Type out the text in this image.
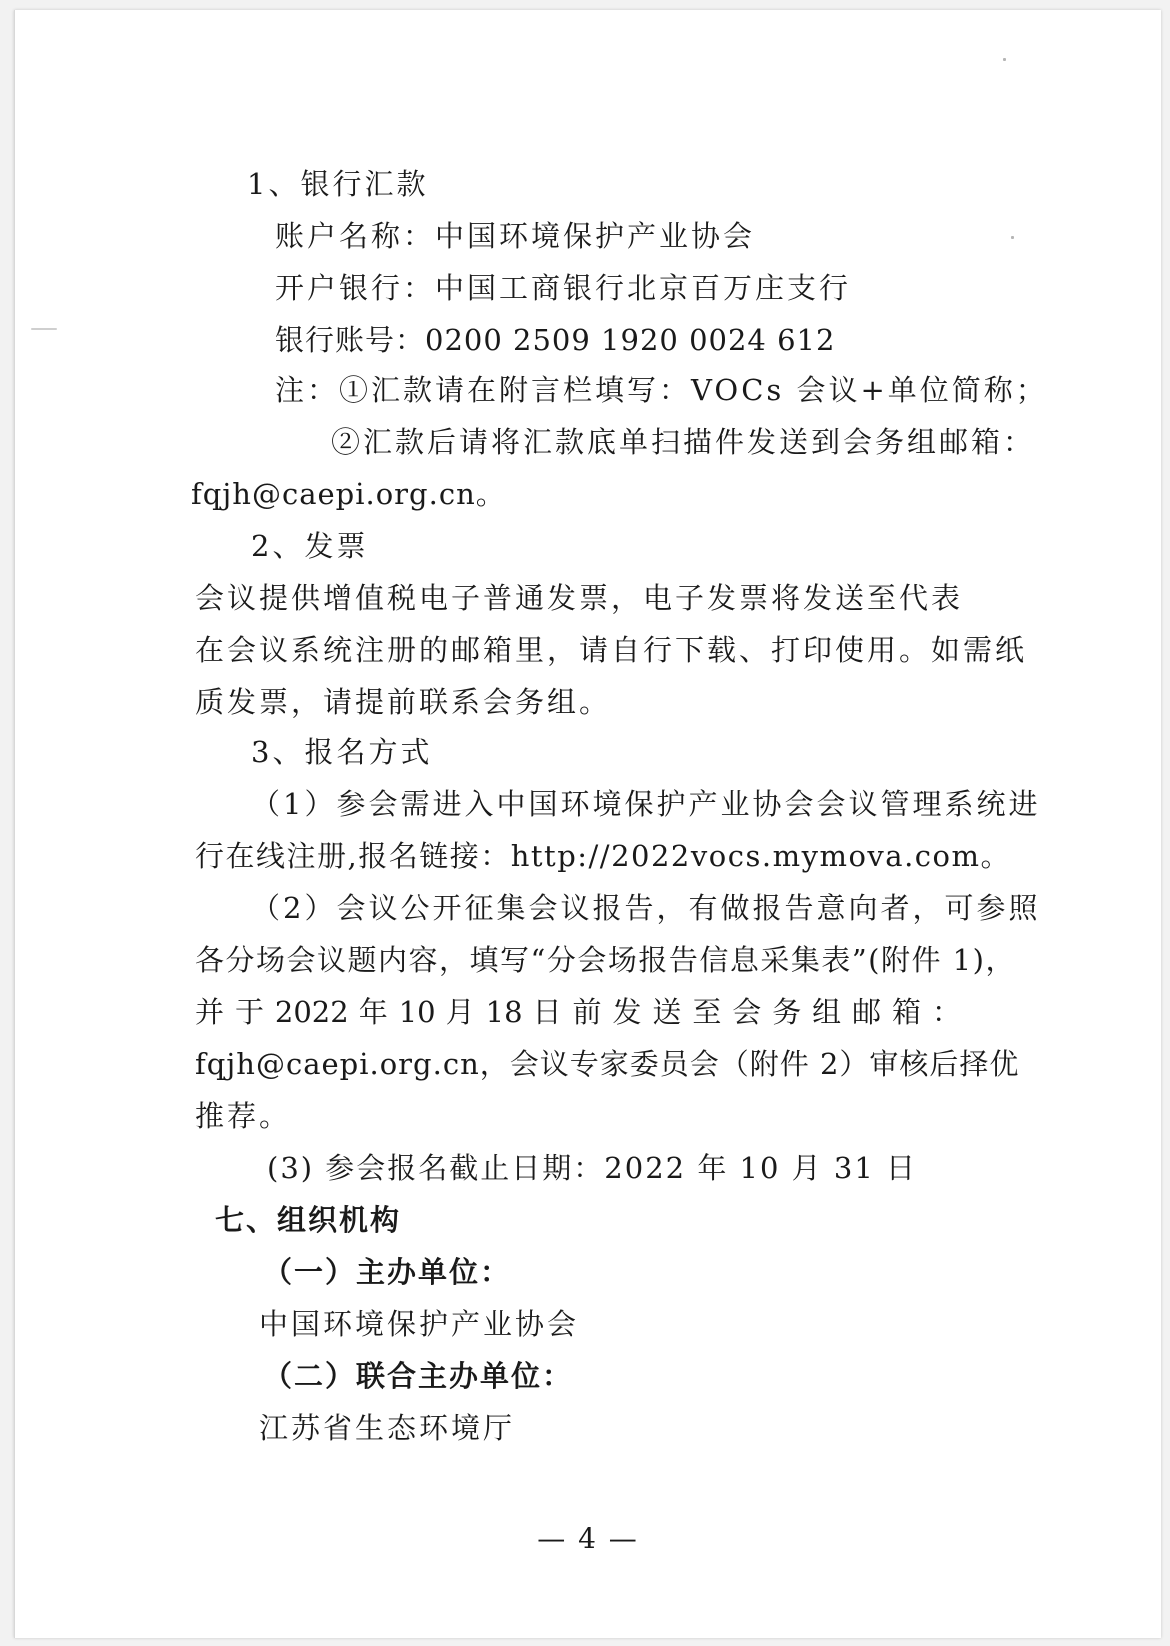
1、银行汇款
账户名称：中国环境保护产业协会
开户银行：中国工商银行北京百万庄支行
银行账号：0200 2509 1920 0024 612
注：①汇款请在附言栏填写：VOCs 会议+单位简称；
②汇款后请将汇款底单扫描件发送到会务组邮箱：
fqjh@caepi.org.cn。
2、发票
会议提供增值税电子普通发票，电子发票将发送至代表
在会议系统注册的邮箱里，请自行下载、打印使用。如需纸
质发票，请提前联系会务组。
3、报名方式
（1）参会需进入中国环境保护产业协会会议管理系统进
行在线注册,报名链接：http://2022vocs.mymova.com。
（2）会议公开征集会议报告，有做报告意向者，可参照
各分场会议题内容，填写“分会场报告信息采集表”(附件 1)，
并 于 2022 年 10 月 18 日 前 发 送 至 会 务 组 邮 箱 ：
fqjh@caepi.org.cn，会议专家委员会（附件 2）审核后择优
推荐。
(3) 参会报名截止日期：2022 年 10 月 31 日
七、组织机构
（一）主办单位：
中国环境保护产业协会
（二）联合主办单位：
江苏省生态环境厅
— 4 —
